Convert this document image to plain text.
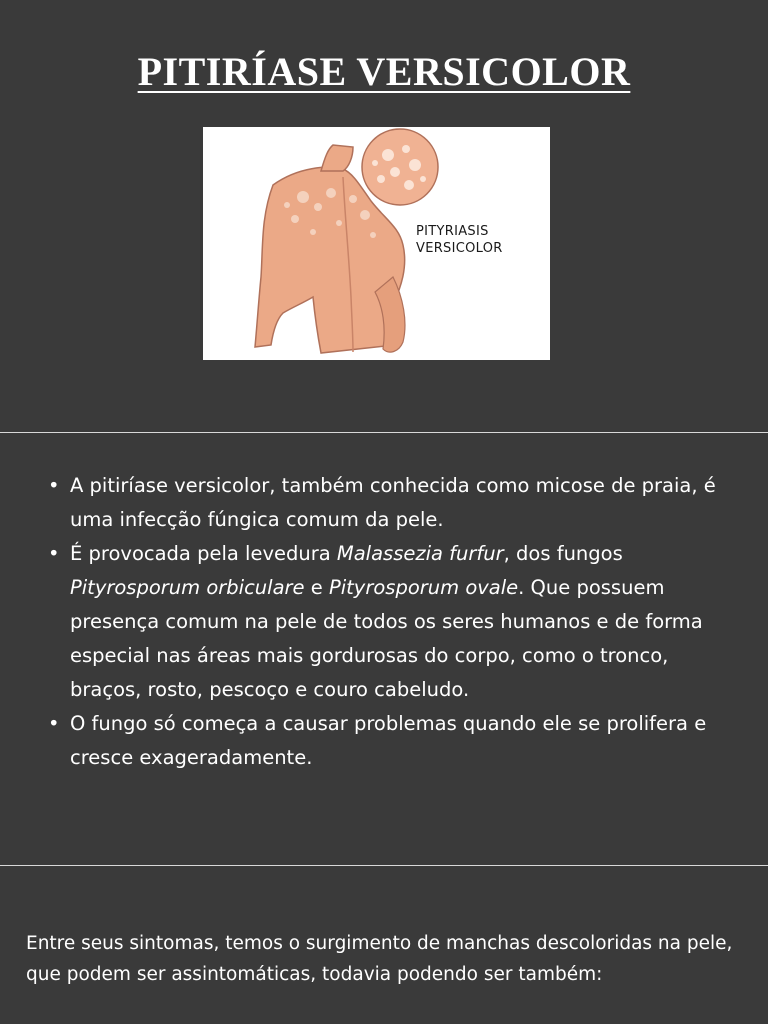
PITIRÍASE VERSICOLOR
PITYRIASIS
VERSICOLOR
• A pitiríase versicolor, também conhecida como micose de praia, é uma infecção fúngica comum da pele.
• É provocada pela levedura Malassezia furfur, dos fungos Pityrosporum orbiculare e Pityrosporum ovale. Que possuem presença comum na pele de todos os seres humanos e de forma especial nas áreas mais gordurosas do corpo, como o tronco, braços, rosto, pescoço e couro cabeludo.
• O fungo só começa a causar problemas quando ele se prolifera e cresce exageradamente.

Entre seus sintomas, temos o surgimento de manchas descoloridas na pele, que podem ser assintomáticas, todavia podendo ser também:
